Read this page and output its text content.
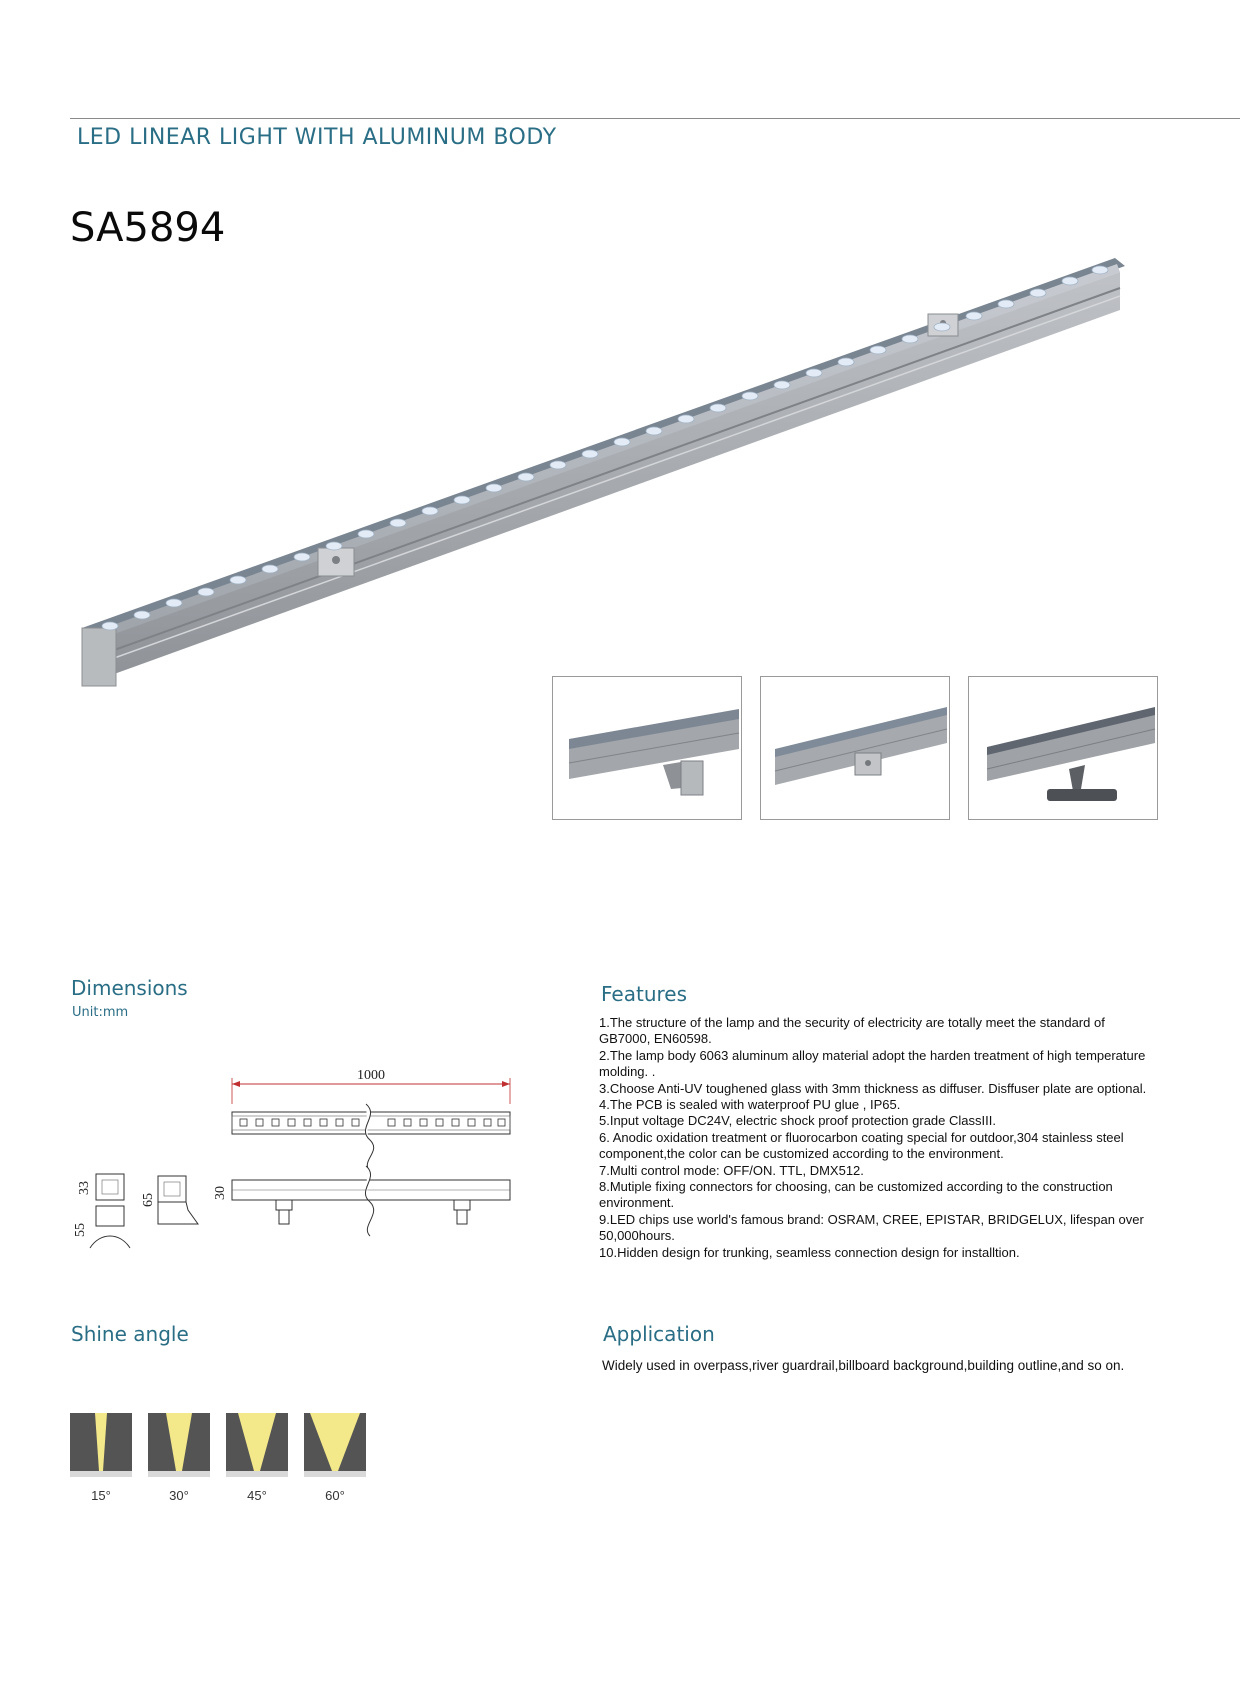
LED LINEAR LIGHT WITH ALUMINUM BODY
SA5894
Dimensions
Unit:mm
1000
30
33
55
65
Features
1.The structure of the lamp and the security of electricity are totally meet the standard of GB7000, EN60598.
2.The lamp body 6063 aluminum alloy material adopt the harden treatment of high temperature molding. .
3.Choose Anti-UV toughened glass with 3mm thickness as diffuser. Disffuser plate are optional.
4.The PCB is sealed with waterproof PU glue , IP65.
5.Input voltage DC24V, electric shock proof protection grade ClassIII.
6. Anodic oxidation treatment or fluorocarbon coating special for outdoor,304 stainless steel component,the color can be customized according to the environment.
7.Multi control mode: OFF/ON. TTL, DMX512.
8.Mutiple fixing connectors for choosing, can be customized according to the construction environment.
9.LED chips use world's famous brand: OSRAM, CREE, EPISTAR, BRIDGELUX, lifespan over 50,000hours.
10.Hidden design for trunking, seamless connection design for installtion.
Shine angle
15°	30°	45°	60°
Application
Widely used in overpass,river guardrail,billboard background,building outline,and so on.
